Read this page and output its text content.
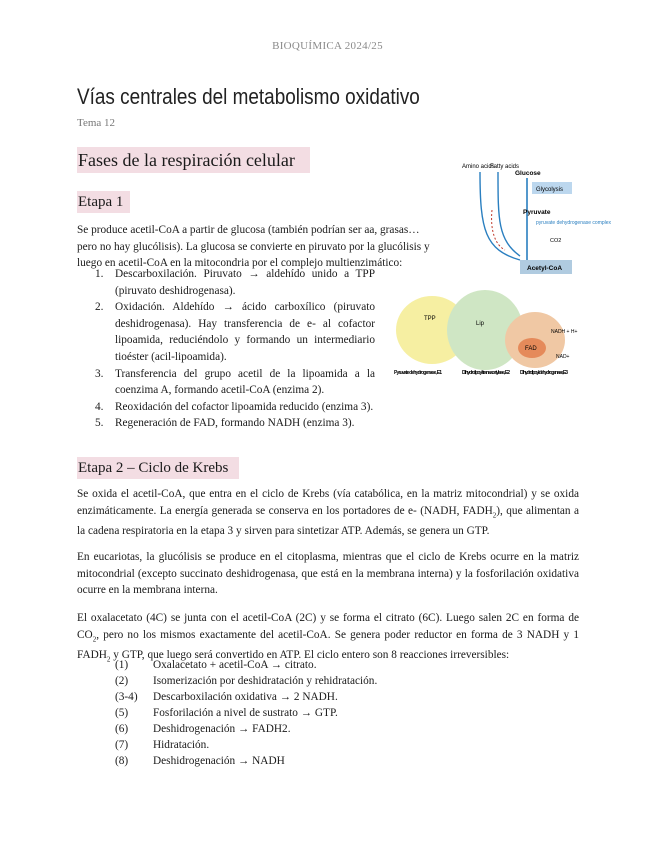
BIOQUÍMICA 2024/25
Vías centrales del metabolismo oxidativo
Tema 12
Fases de la respiración celular
Etapa 1
Se produce acetil-CoA a partir de glucosa (también podrían ser aa, grasas…
pero no hay glucólisis). La glucosa se convierte en piruvato por la glucólisis y
luego en acetil-CoA en la mitocondria por el complejo multienzimático:
1. Descarboxilación. Piruvato → aldehído unido a TPP (piruvato deshidrogenasa).
2. Oxidación. Aldehído → ácido carboxílico (piruvato deshidrogenasa). Hay transferencia de e- al cofactor lipoamida, reduciéndolo y formando un intermediario tioéster (acil-lipoamida).
3. Transferencia del grupo acetil de la lipoamida a la coenzima A, formando acetil-CoA (enzima 2).
4. Reoxidación del cofactor lipoamida reducido (enzima 3).
5. Regeneración de FAD, formando NADH (enzima 3).
Amino acids
Fatty acids
Glucose
Glycolysis
Pyruvate
pyruvate dehydrogenase complex
CO2
Acetyl-CoA
TPP
Lip
FAD
NADH + H+
NAD+
Pyruvate dehydrogenase, E1	Dihydrolipoyl transacetylase, E2 Dihydrolipoyl dehydrogenase, E3
Etapa 2 – Ciclo de Krebs
Se oxida el acetil-CoA, que entra en el ciclo de Krebs (vía catabólica, en la matriz mitocondrial) y se oxida enzimáticamente. La energía generada se conserva en los portadores de e- (NADH, $FADH_2$), que alimentan a la cadena respiratoria en la etapa 3 y sirven para sintetizar ATP. Además, se genera un GTP.
En eucariotas, la glucólisis se produce en el citoplasma, mientras que el ciclo de Krebs ocurre en la matriz mitocondrial (excepto succinato deshidrogenasa, que está en la membrana interna) y la fosforilación oxidativa ocurre en la membrana interna.
El oxalacetato (4C) se junta con el acetil-CoA (2C) y se forma el citrato (6C). Luego salen 2C en forma de $CO_2$, pero no los mismos exactamente del acetil-CoA. Se genera poder reductor en forma de 3 NADH y 1 $FADH_2$ y GTP, que luego será convertido en ATP. El ciclo entero son 8 reacciones irreversibles:
(1)	Oxalacetato + acetil-CoA → citrato.
(2)	Isomerización por deshidratación y rehidratación.
(3-4)	Descarboxilación oxidativa → 2 NADH.
(5)	Fosforilación a nivel de sustrato → GTP.
(6)	Deshidrogenación → FADH2.
(7)	Hidratación.
(8)	Deshidrogenación → NADH
